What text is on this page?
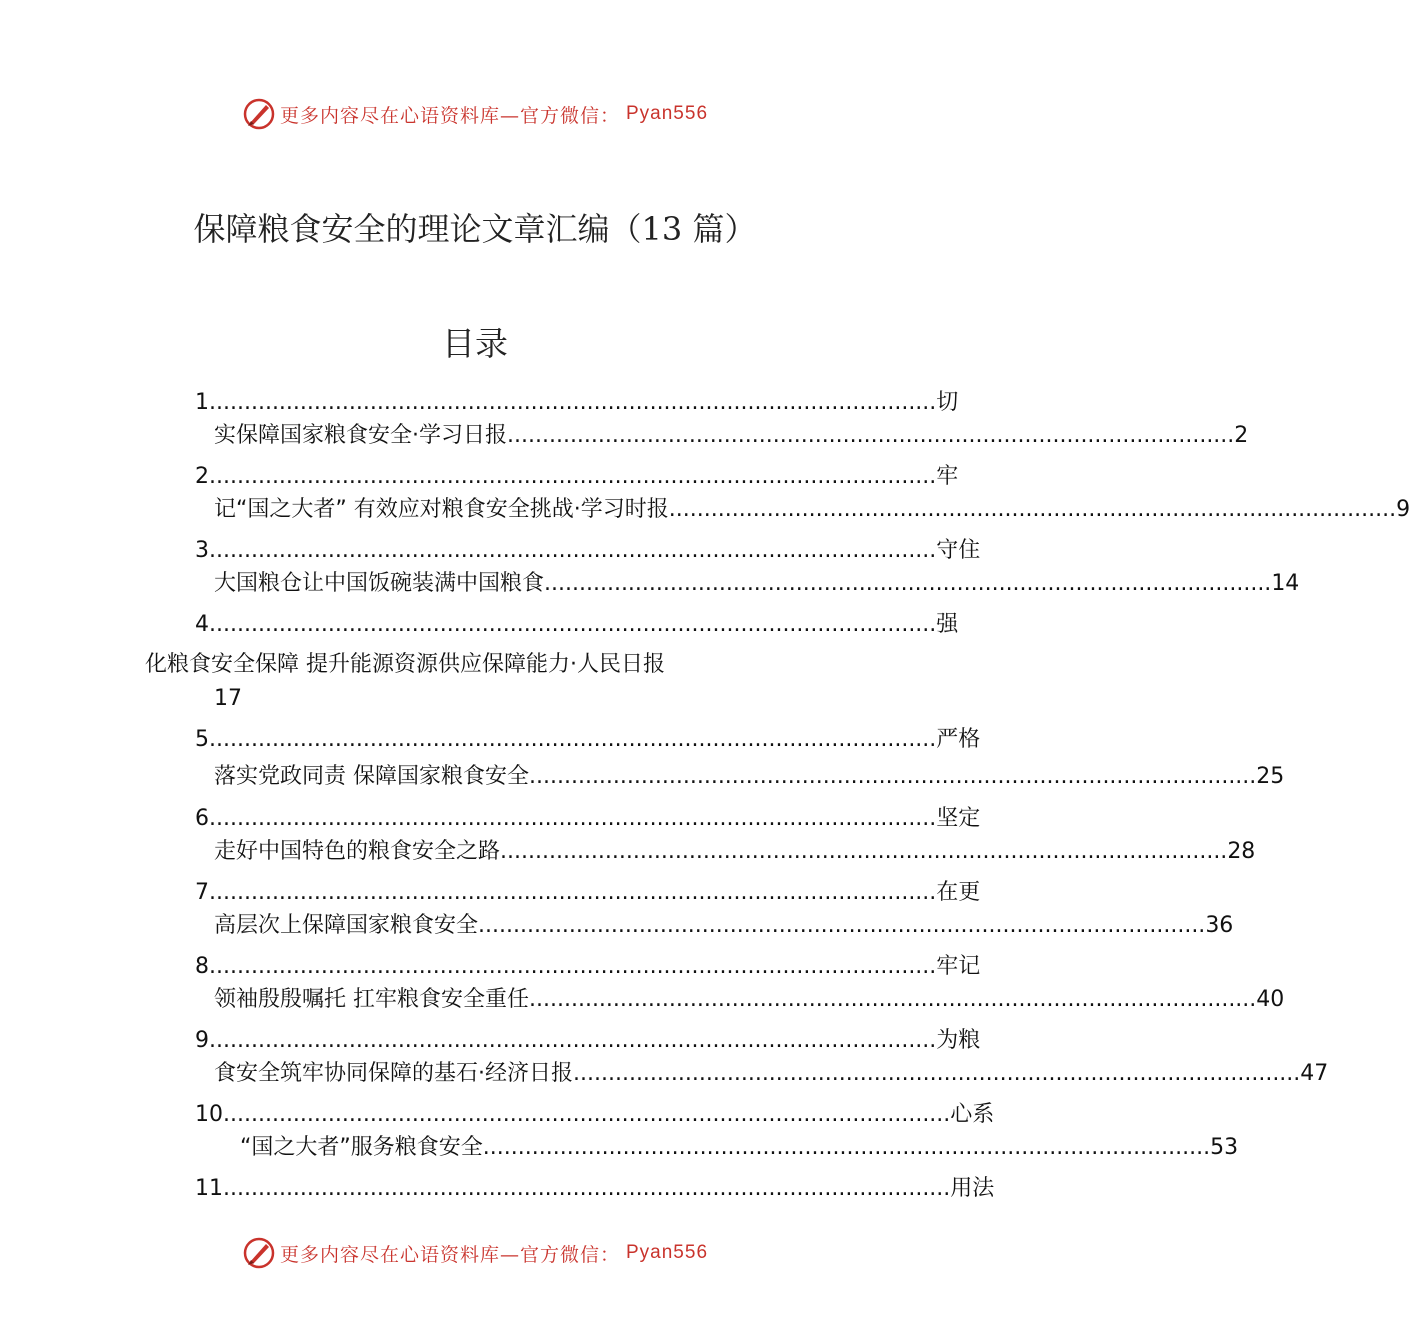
更多内容尽在心语资料库—官方微信： Pyan556
保障粮食安全的理论文章汇编（13 篇）
目录
1 ........................................................................................................ 切
实保障国家粮食安全·学习日报 ........................................................................................................ 2
2 ........................................................................................................ 牢
记“国之大者” 有效应对粮食安全挑战·学习时报 ........................................................................................................ 9
3 ........................................................................................................ 守住
大国粮仓让中国饭碗装满中国粮食 ........................................................................................................ 14
4 ........................................................................................................ 强
化粮食安全保障 提升能源资源供应保障能力·人民日报
17
5 ........................................................................................................ 严格
落实党政同责 保障国家粮食安全 ........................................................................................................ 25
6 ........................................................................................................ 坚定
走好中国特色的粮食安全之路 ........................................................................................................ 28
7 ........................................................................................................ 在更
高层次上保障国家粮食安全 ........................................................................................................ 36
8 ........................................................................................................ 牢记
领袖殷殷嘱托 扛牢粮食安全重任 ........................................................................................................ 40
9 ........................................................................................................ 为粮
食安全筑牢协同保障的基石·经济日报 ........................................................................................................ 47
10 ........................................................................................................ 心系
“国之大者”服务粮食安全 ........................................................................................................ 53
11 ........................................................................................................ 用法
更多内容尽在心语资料库—官方微信： Pyan556
